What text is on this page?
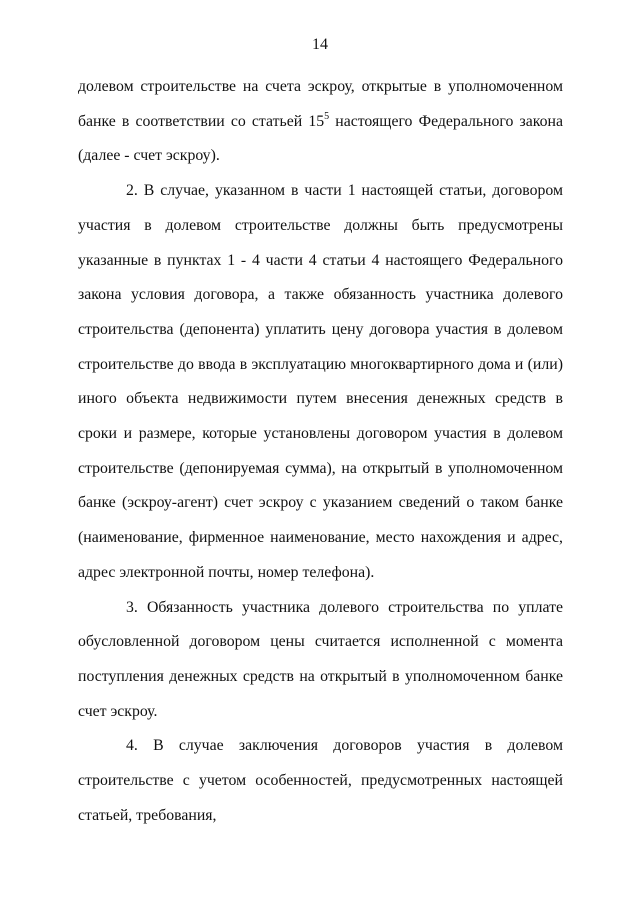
14

долевом строительстве на счета эскроу, открытые в уполномоченном банке в соответствии со статьей $15^5$ настоящего Федерального закона (далее - счет эскроу).

2. В случае, указанном в части 1 настоящей статьи, договором участия в долевом строительстве должны быть предусмотрены указанные в пунктах 1 - 4 части 4 статьи 4 настоящего Федерального закона условия договора, а также обязанность участника долевого строительства (депонента) уплатить цену договора участия в долевом строительстве до ввода в эксплуатацию многоквартирного дома и (или) иного объекта недвижимости путем внесения денежных средств в сроки и размере, которые установлены договором участия в долевом строительстве (депонируемая сумма), на открытый в уполномоченном банке (эскроу-агент) счет эскроу с указанием сведений о таком банке (наименование, фирменное наименование, место нахождения и адрес, адрес электронной почты, номер телефона).

3. Обязанность участника долевого строительства по уплате обусловленной договором цены считается исполненной с момента поступления денежных средств на открытый в уполномоченном банке счет эскроу.

4. В случае заключения договоров участия в долевом строительстве с учетом особенностей, предусмотренных настоящей статьей, требования,
